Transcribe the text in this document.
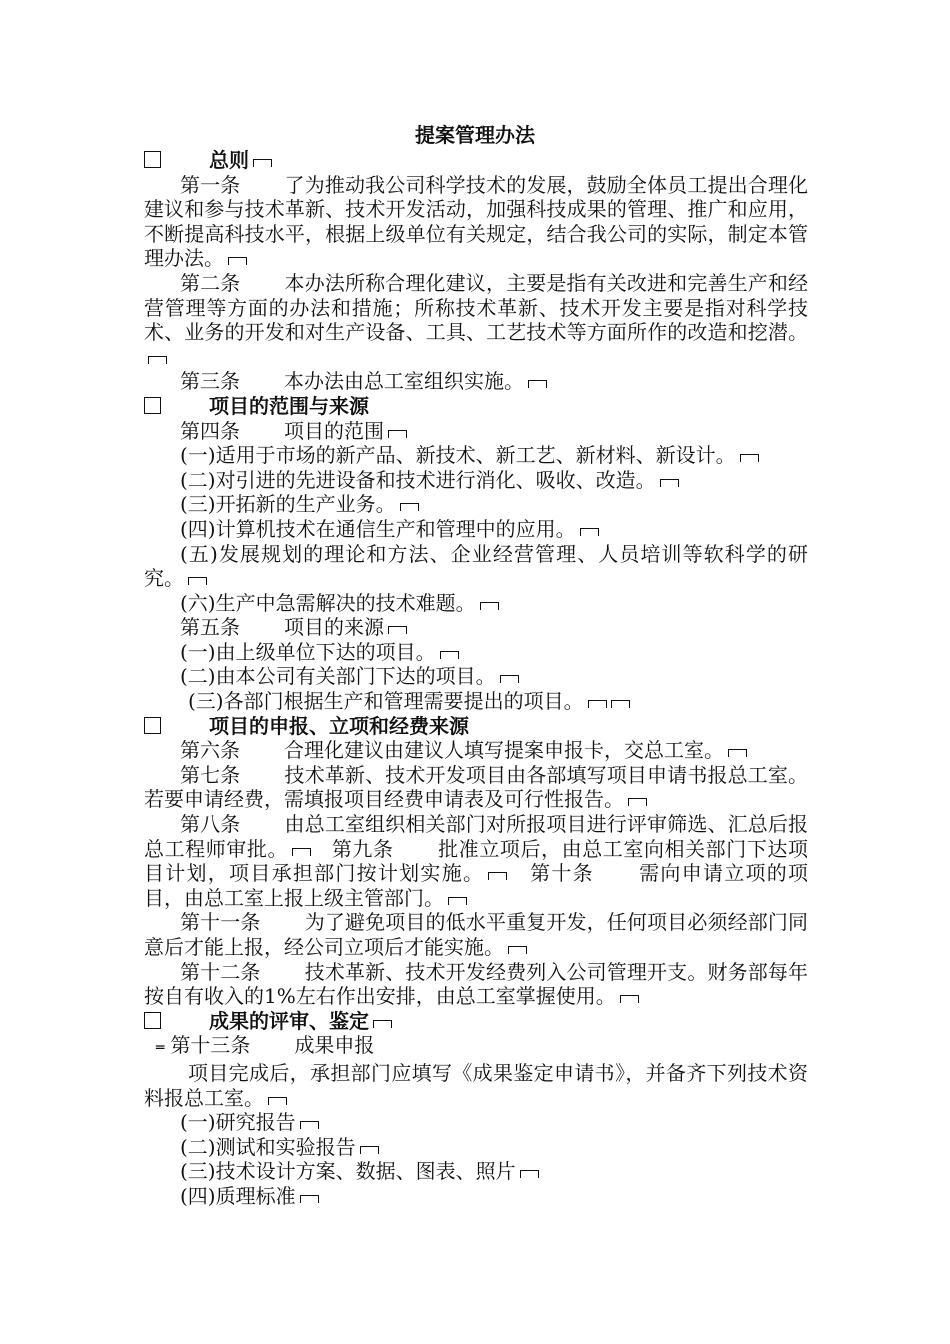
提案管理办法

总则

第一条 了为推动我公司科学技术的发展，鼓励全体员工提出合理化建议和参与技术革新、技术开发活动，加强科技成果的管理、推广和应用，不断提高科技水平，根据上级单位有关规定，结合我公司的实际，制定本管理办法。

第二条 本办法所称合理化建议，主要是指有关改进和完善生产和经营管理等方面的办法和措施；所称技术革新、技术开发主要是指对科学技术、业务的开发和对生产设备、工具、工艺技术等方面所作的改造和挖潜。

第三条 本办法由总工室组织实施。

项目的范围与来源

第四条 项目的范围

(一)适用于市场的新产品、新技术、新工艺、新材料、新设计。

(二)对引进的先进设备和技术进行消化、吸收、改造。

(三)开拓新的生产业务。

(四)计算机技术在通信生产和管理中的应用。

(五)发展规划的理论和方法、企业经营管理、人员培训等软科学的研究。

(六)生产中急需解决的技术难题。

第五条 项目的来源

(一)由上级单位下达的项目。

(二)由本公司有关部门下达的项目。

(三)各部门根据生产和管理需要提出的项目。

项目的申报、立项和经费来源

第六条 合理化建议由建议人填写提案申报卡，交总工室。

第七条 技术革新、技术开发项目由各部填写项目申请书报总工室。若要申请经费，需填报项目经费申请表及可行性报告。

第八条 由总工室组织相关部门对所报项目进行评审筛选、汇总后报总工程师审批。 第九条 批准立项后，由总工室向相关部门下达项目计划，项目承担部门按计划实施。 第十条 需向申请立项的项目，由总工室上报上级主管部门。

第十一条 为了避免项目的低水平重复开发，任何项目必须经部门同意后才能上报，经公司立项后才能实施。

第十二条 技术革新、技术开发经费列入公司管理开支。财务部每年按自有收入的1%左右作出安排，由总工室掌握使用。

成果的评审、鉴定

═ 第十三条 成果申报

项目完成后，承担部门应填写《成果鉴定申请书》，并备齐下列技术资料报总工室。

(一)研究报告

(二)测试和实验报告

(三)技术设计方案、数据、图表、照片

(四)质理标准
